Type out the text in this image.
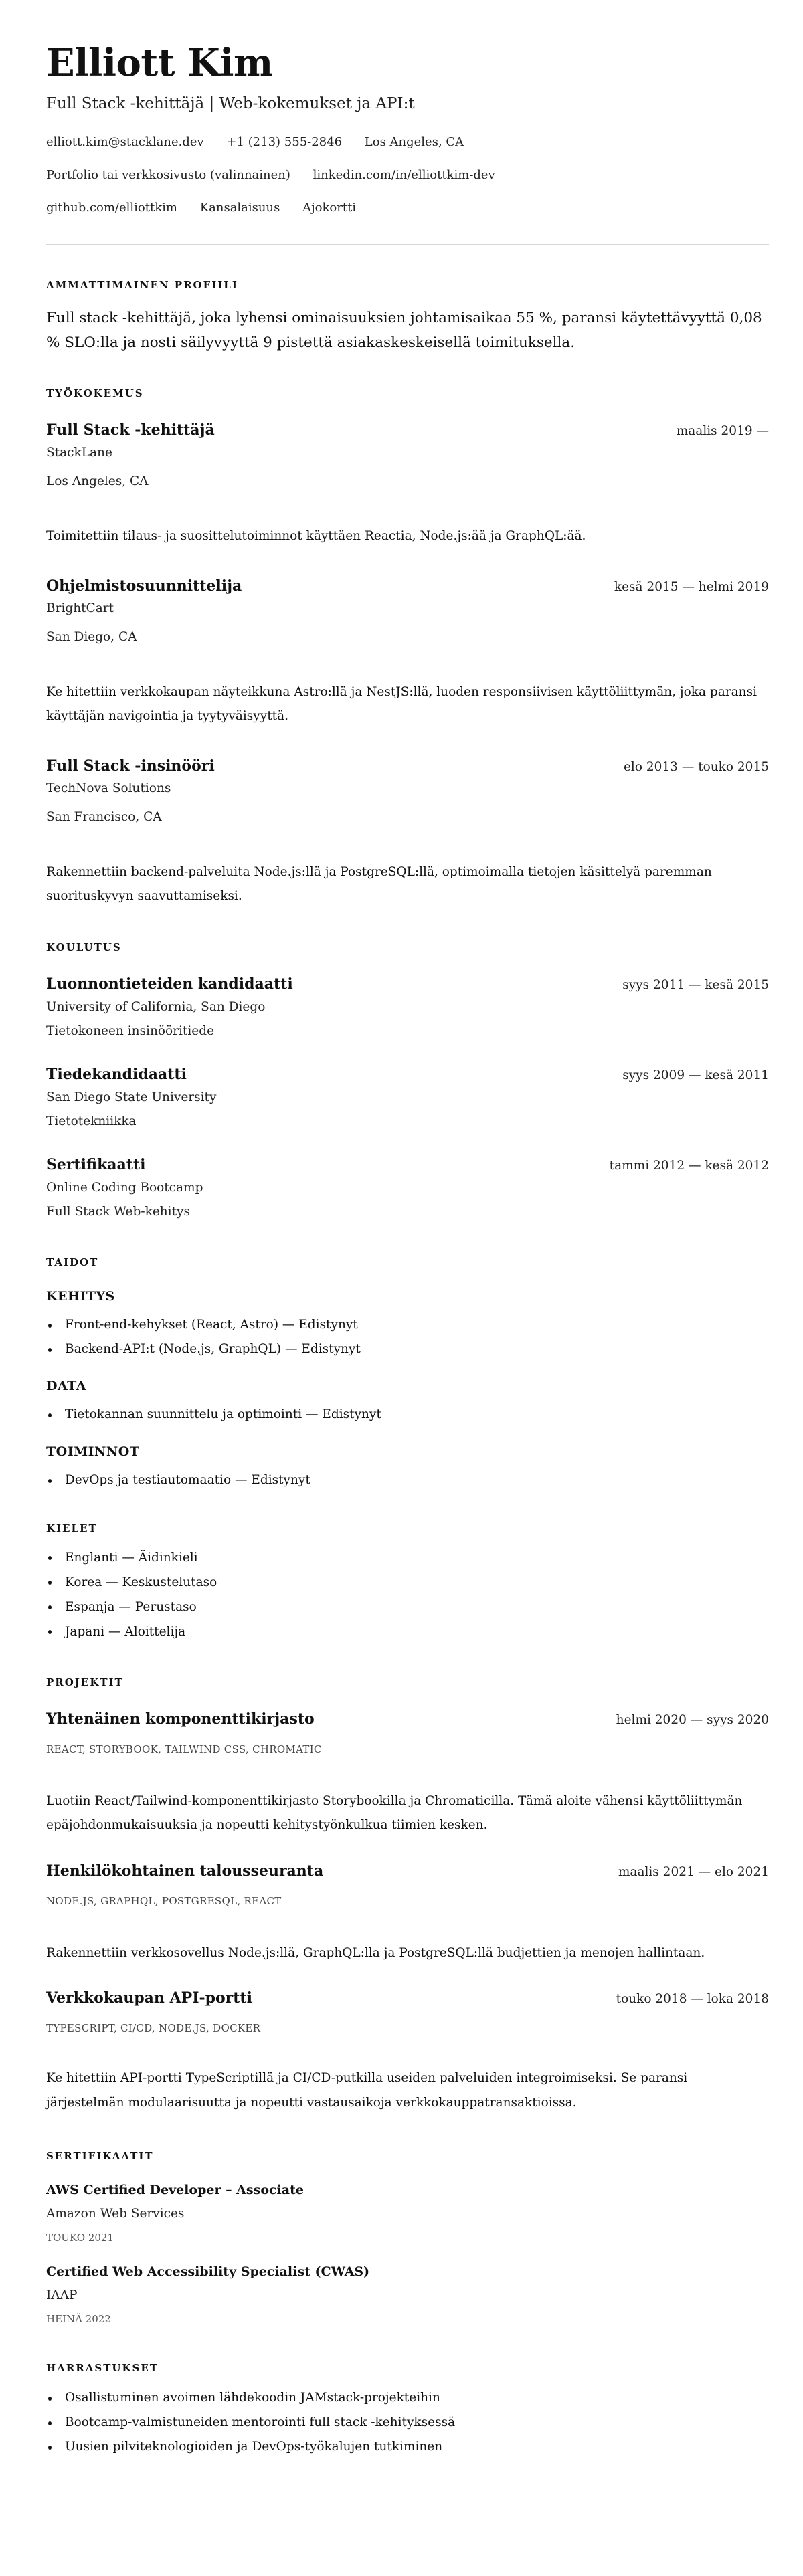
Elliott Kim
Full Stack -kehittäjä | Web-kokemukset ja API:t
elliott.kim@stacklane.dev +1 (213) 555-2846 Los Angeles, CA
Portfolio tai verkkosivusto (valinnainen) linkedin.com/in/elliottkim-dev
github.com/elliottkim Kansalaisuus Ajokortti
AMMATTIMAINEN PROFIILI

Full stack -kehittäjä, joka lyhensi ominaisuuksien johtamisaikaa 55 %, paransi käytettävyyttä 0,08 % SLO:lla ja nosti säilyvyyttä 9 pistettä asiakaskeskeisellä toimituksella.

TYÖKOKEMUS
Full Stack -kehittäjä	maalis 2019 —
StackLane
Los Angeles, CA
Toimitettiin tilaus- ja suosittelutoiminnot käyttäen Reactia, Node.js:ää ja GraphQL:ää.
Ohjelmistosuunnittelija	kesä 2015 — helmi 2019
BrightCart
San Diego, CA
Ke hitettiin verkkokaupan näyteikkuna Astro:llä ja NestJS:llä, luoden responsiivisen käyttöliittymän, joka paransi käyttäjän navigointia ja tyytyväisyyttä.
Full Stack -insinööri	elo 2013 — touko 2015
TechNova Solutions
San Francisco, CA
Rakennettiin backend-palveluita Node.js:llä ja PostgreSQL:llä, optimoimalla tietojen käsittelyä paremman suorituskyvyn saavuttamiseksi.
KOULUTUS
Luonnontieteiden kandidaatti	syys 2011 — kesä 2015
University of California, San Diego
Tietokoneen insinööritiede
Tiedekandidaatti	syys 2009 — kesä 2011
San Diego State University
Tietotekniikka
Sertifikaatti	tammi 2012 — kesä 2012
Online Coding Bootcamp
Full Stack Web-kehitys
TAIDOT
KEHITYS
Front-end-kehykset (React, Astro) — Edistynyt
Backend-API:t (Node.js, GraphQL) — Edistynyt
DATA
Tietokannan suunnittelu ja optimointi — Edistynyt
TOIMINNOT
DevOps ja testiautomaatio — Edistynyt
KIELET
Englanti — Äidinkieli
Korea — Keskustelutaso
Espanja — Perustaso
Japani — Aloittelija
PROJEKTIT
Yhtenäinen komponenttikirjasto	helmi 2020 — syys 2020
REACT, STORYBOOK, TAILWIND CSS, CHROMATIC
Luotiin React/Tailwind-komponenttikirjasto Storybookilla ja Chromaticilla. Tämä aloite vähensi käyttöliittymän epäjohdonmukaisuuksia ja nopeutti kehitystyönkulkua tiimien kesken.
Henkilökohtainen talousseuranta	maalis 2021 — elo 2021
NODE.JS, GRAPHQL, POSTGRESQL, REACT
Rakennettiin verkkosovellus Node.js:llä, GraphQL:lla ja PostgreSQL:llä budjettien ja menojen hallintaan.
Verkkokaupan API-portti	touko 2018 — loka 2018
TYPESCRIPT, CI/CD, NODE.JS, DOCKER
Ke hitettiin API-portti TypeScriptillä ja CI/CD-putkilla useiden palveluiden integroimiseksi. Se paransi järjestelmän modulaarisuutta ja nopeutti vastausaikoja verkkokauppatransaktioissa.
SERTIFIKAATIT
AWS Certified Developer – Associate
Amazon Web Services
TOUKO 2021
Certified Web Accessibility Specialist (CWAS)
IAAP
HEINÄ 2022
HARRASTUKSET
Osallistuminen avoimen lähdekoodin JAMstack-projekteihin
Bootcamp-valmistuneiden mentorointi full stack -kehityksessä
Uusien pilviteknologioiden ja DevOps-työkalujen tutkiminen
